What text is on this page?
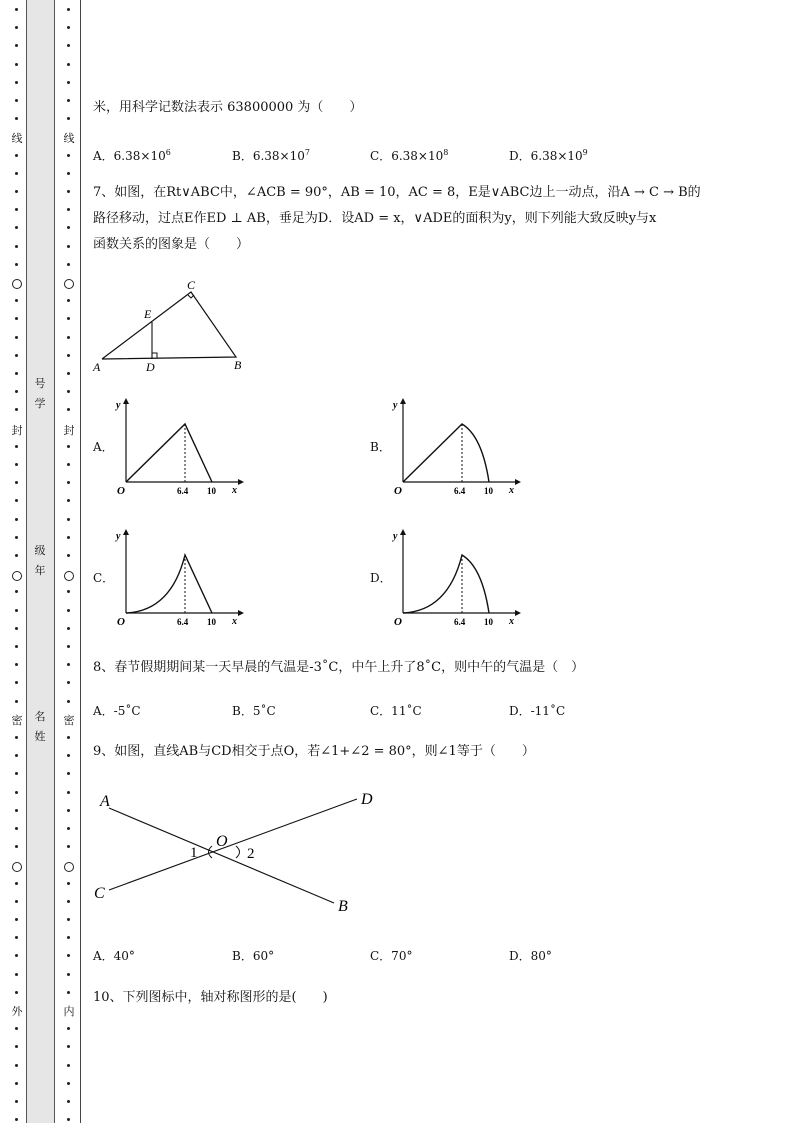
线
封
密
外
线
封
密
内
号
学
级
年
名
姓
米，用科学记数法表示 63800000 为（　　）
A．$6.38\times 10^6$	B．$6.38\times 10^7$	C．$6.38\times 10^8$	D．$6.38\times 10^9$
7、如图，在Rt∨ABC中，∠ACB = 90°，AB = 10，AC = 8，E是∨ABC边上一动点，沿A → C → B的
路径移动，过点E作ED ⊥ AB，垂足为D．设AD = x，∨ADE的面积为y，则下列能大致反映y与x
函数关系的图象是（　　）
A	B
C
D
E
A．
y
x
O	6.4 10
B．
y
x
O	6.4 10
C．
y
x
O	6.4 10
D．
y
x
O	6.4 10
8、春节假期期间某一天早晨的气温是-3˚C，中午上升了8˚C，则中午的气温是（　）
A．-5˚C	B．5˚C	C．11˚C	D．-11˚C
9、如图，直线AB与CD相交于点O，若∠1+∠2 = 80°，则∠1等于（　　）
A
B
C
D
O
1	2
A．40°	B．60°	C．70°	D．80°
10、下列图标中，轴对称图形的是(　　)
